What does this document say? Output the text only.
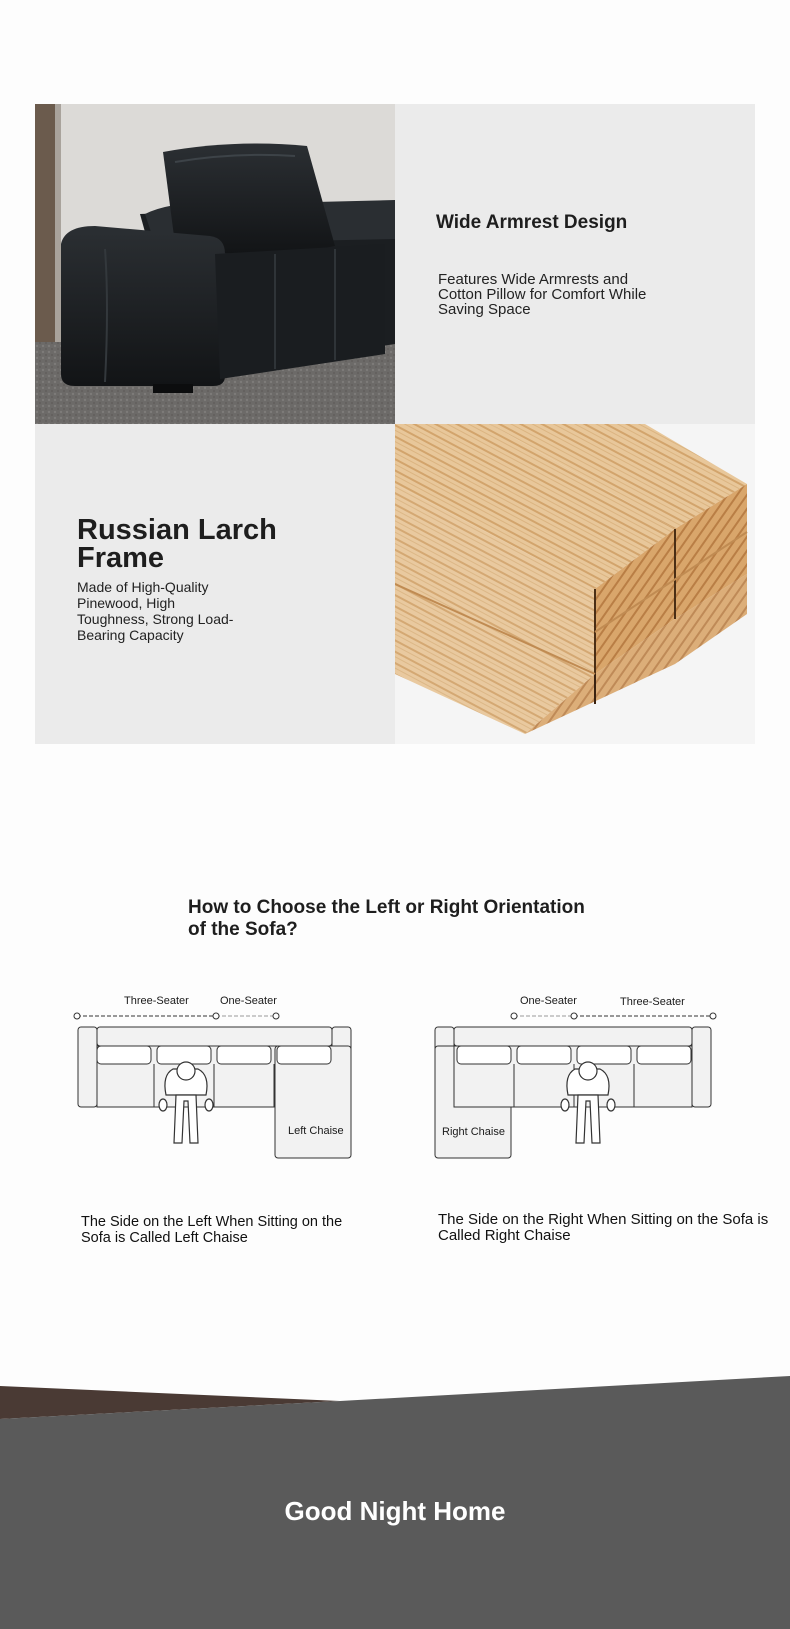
Wide Armrest Design

Features Wide Armrests and Cotton Pillow for Comfort While Saving Space

Russian Larch Frame

Made of High-Quality Pinewood, High Toughness, Strong Load-Bearing Capacity

How to Choose the Left or Right Orientation of the Sofa?
Three-Seater	One-Seater
Left Chaise
One-Seater	Three-Seater
Right Chaise

The Side on the Left When Sitting on the Sofa is Called Left Chaise

The Side on the Right When Sitting on the Sofa is Called Right Chaise

Good Night Home
